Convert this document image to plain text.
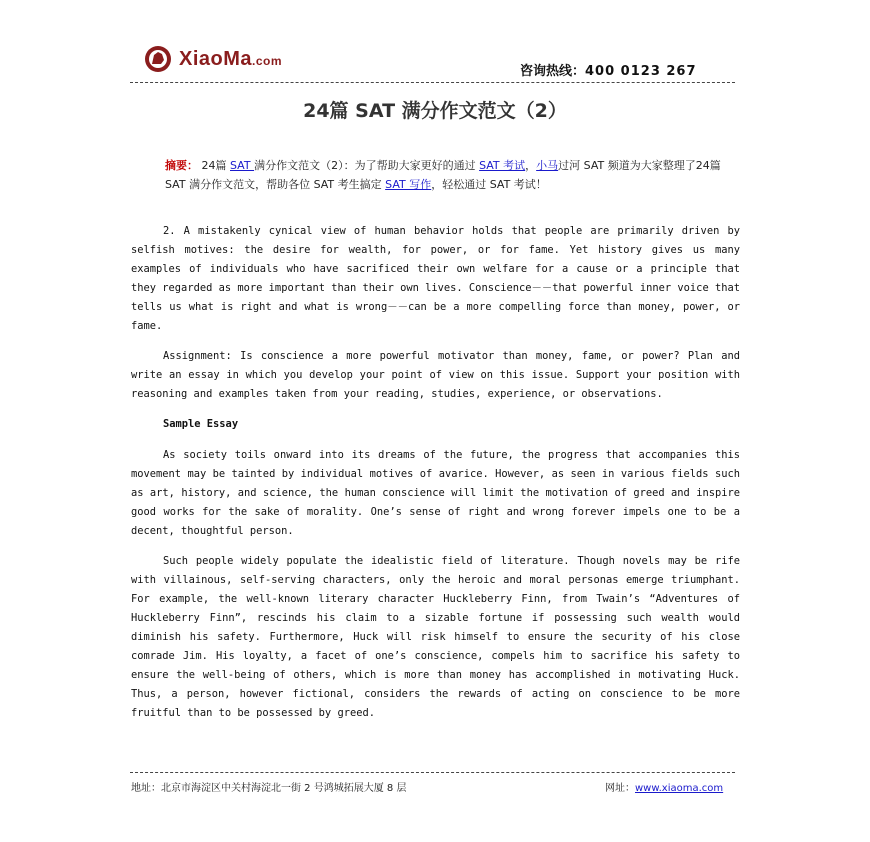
XiaoMa.com
咨询热线：400 0123 267
24篇 SAT 满分作文范文（2）
摘要： 24篇 SAT 满分作文范文（2）：为了帮助大家更好的通过 SAT 考试，小马过河 SAT 频道为大家整理了24篇 SAT 满分作文范文，帮助各位 SAT 考生搞定 SAT 写作，轻松通过 SAT 考试！

2. A mistakenly cynical view of human behavior holds that people are primarily driven by selfish motives: the desire for wealth, for power, or for fame. Yet history gives us many examples of individuals who have sacrificed their own welfare for a cause or a principle that they regarded as more important than their own lives. Conscience－－that powerful inner voice that tells us what is right and what is wrong－－can be a more compelling force than money, power, or fame.

Assignment: Is conscience a more powerful motivator than money, fame, or power? Plan and write an essay in which you develop your point of view on this issue. Support your position with reasoning and examples taken from your reading, studies, experience, or observations.

Sample Essay

As society toils onward into its dreams of the future, the progress that accompanies this movement may be tainted by individual motives of avarice. However, as seen in various fields such as art, history, and science, the human conscience will limit the motivation of greed and inspire good works for the sake of morality. One’s sense of right and wrong forever impels one to be a decent, thoughtful person.

Such people widely populate the idealistic field of literature. Though novels may be rife with villainous, self-serving characters, only the heroic and moral personas emerge triumphant. For example, the well-known literary character Huckleberry Finn, from Twain’s “Adventures of Huckleberry Finn”, rescinds his claim to a sizable fortune if possessing such wealth would diminish his safety. Furthermore, Huck will risk himself to ensure the security of his close comrade Jim. His loyalty, a facet of one’s conscience, compels him to sacrifice his safety to ensure the well-being of others, which is more than money has accomplished in motivating Huck. Thus, a person, however fictional, considers the rewards of acting on conscience to be more fruitful than to be possessed by greed.

地址：北京市海淀区中关村海淀北一街 2 号鸿城拓展大厦 8 层	网址：www.xiaoma.com
